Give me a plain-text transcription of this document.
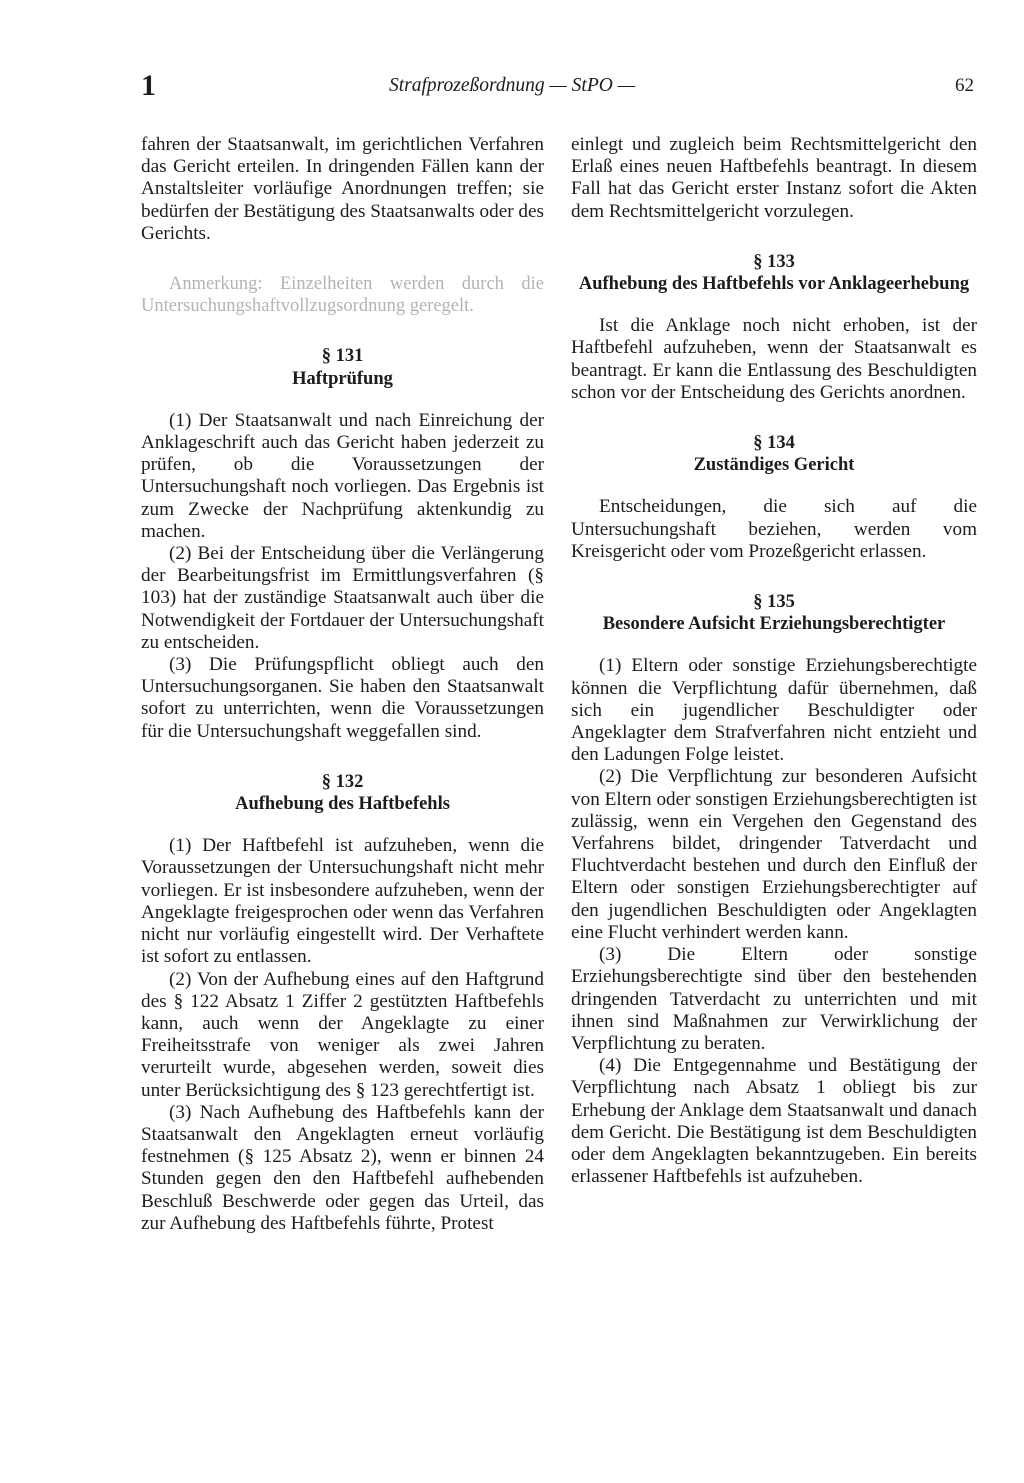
1	Strafprozeßordnung — StPO —	62

fahren der Staatsanwalt, im gerichtlichen Verfahren das Gericht erteilen. In dringenden Fällen kann der Anstaltsleiter vorläufige Anordnungen treffen; sie bedürfen der Bestätigung des Staatsanwalts oder des Gerichts.

Anmerkung: Einzelheiten werden durch die Untersuchungshaftvollzugsordnung geregelt.

§ 131
Haftprüfung

(1) Der Staatsanwalt und nach Einreichung der Anklageschrift auch das Gericht haben jederzeit zu prüfen, ob die Voraussetzungen der Untersuchungshaft noch vorliegen. Das Ergebnis ist zum Zwecke der Nachprüfung aktenkundig zu machen.

(2) Bei der Entscheidung über die Verlängerung der Bearbeitungsfrist im Ermittlungsverfahren (§ 103) hat der zuständige Staatsanwalt auch über die Notwendigkeit der Fortdauer der Untersuchungshaft zu entscheiden.

(3) Die Prüfungspflicht obliegt auch den Untersuchungsorganen. Sie haben den Staatsanwalt sofort zu unterrichten, wenn die Voraussetzungen für die Untersuchungshaft weggefallen sind.

§ 132
Aufhebung des Haftbefehls

(1) Der Haftbefehl ist aufzuheben, wenn die Voraussetzungen der Untersuchungshaft nicht mehr vorliegen. Er ist insbesondere aufzuheben, wenn der Angeklagte freigesprochen oder wenn das Verfahren nicht nur vorläufig eingestellt wird. Der Verhaftete ist sofort zu entlassen.

(2) Von der Aufhebung eines auf den Haftgrund des § 122 Absatz 1 Ziffer 2 gestützten Haftbefehls kann, auch wenn der Angeklagte zu einer Freiheitsstrafe von weniger als zwei Jahren verurteilt wurde, abgesehen werden, soweit dies unter Berücksichtigung des § 123 gerechtfertigt ist.

(3) Nach Aufhebung des Haftbefehls kann der Staatsanwalt den Angeklagten erneut vorläufig festnehmen (§ 125 Absatz 2), wenn er binnen 24 Stunden gegen den den Haftbefehl aufhebenden Beschluß Beschwerde oder gegen das Urteil, das zur Aufhebung des Haftbefehls führte, Protest

einlegt und zugleich beim Rechtsmittelgericht den Erlaß eines neuen Haftbefehls beantragt. In diesem Fall hat das Gericht erster Instanz sofort die Akten dem Rechtsmittelgericht vorzulegen.

§ 133
Aufhebung des Haftbefehls vor Anklageerhebung

Ist die Anklage noch nicht erhoben, ist der Haftbefehl aufzuheben, wenn der Staatsanwalt es beantragt. Er kann die Entlassung des Beschuldigten schon vor der Entscheidung des Gerichts anordnen.

§ 134
Zuständiges Gericht

Entscheidungen, die sich auf die Untersuchungshaft beziehen, werden vom Kreisgericht oder vom Prozeßgericht erlassen.

§ 135
Besondere Aufsicht Erziehungsberechtigter

(1) Eltern oder sonstige Erziehungsberechtigte können die Verpflichtung dafür übernehmen, daß sich ein jugendlicher Beschuldigter oder Angeklagter dem Strafverfahren nicht entzieht und den Ladungen Folge leistet.

(2) Die Verpflichtung zur besonderen Aufsicht von Eltern oder sonstigen Erziehungsberechtigten ist zulässig, wenn ein Vergehen den Gegenstand des Verfahrens bildet, dringender Tatverdacht und Fluchtverdacht bestehen und durch den Einfluß der Eltern oder sonstigen Erziehungsberechtigter auf den jugendlichen Beschuldigten oder Angeklagten eine Flucht verhindert werden kann.

(3) Die Eltern oder sonstige Erziehungsberechtigte sind über den bestehenden dringenden Tatverdacht zu unterrichten und mit ihnen sind Maßnahmen zur Verwirklichung der Verpflichtung zu beraten.

(4) Die Entgegennahme und Bestätigung der Verpflichtung nach Absatz 1 obliegt bis zur Erhebung der Anklage dem Staatsanwalt und danach dem Gericht. Die Bestätigung ist dem Beschuldigten oder dem Angeklagten bekanntzugeben. Ein bereits erlassener Haftbefehls ist aufzuheben.
